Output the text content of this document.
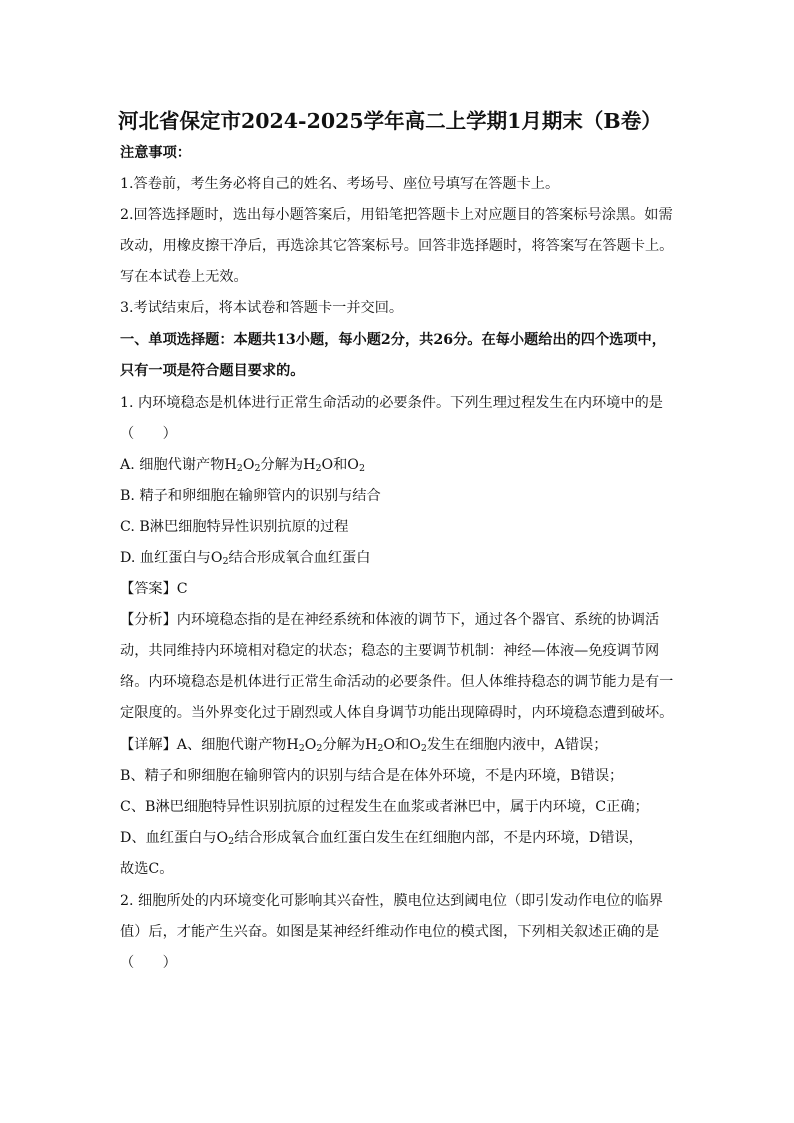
河北省保定市2024-2025学年高二上学期1月期末（B卷）
注意事项：
1.答卷前，考生务必将自己的姓名、考场号、座位号填写在答题卡上。
2.回答选择题时，选出每小题答案后，用铅笔把答题卡上对应题目的答案标号涂黑。如需
改动，用橡皮擦干净后，再选涂其它答案标号。回答非选择题时，将答案写在答题卡上。
写在本试卷上无效。
3.考试结束后，将本试卷和答题卡一并交回。
一、单项选择题：本题共13小题，每小题2分，共26分。在每小题给出的四个选项中，
只有一项是符合题目要求的。
1. 内环境稳态是机体进行正常生命活动的必要条件。下列生理过程发生在内环境中的是
（　　）
A. 细胞代谢产物$H_2O_2$分解为$H_2O$和$O_2$
B. 精子和卵细胞在输卵管内的识别与结合
C. B淋巴细胞特异性识别抗原的过程
D. 血红蛋白与$O_2$结合形成氧合血红蛋白
【答案】C
【分析】内环境稳态指的是在神经系统和体液的调节下，通过各个器官、系统的协调活
动，共同维持内环境相对稳定的状态；稳态的主要调节机制：神经—体液—免疫调节网
络。内环境稳态是机体进行正常生命活动的必要条件。但人体维持稳态的调节能力是有一
定限度的。当外界变化过于剧烈或人体自身调节功能出现障碍时，内环境稳态遭到破坏。
【详解】A、细胞代谢产物$H_2O_2$分解为$H_2O$和$O_2$发生在细胞内液中，A错误；
B、精子和卵细胞在输卵管内的识别与结合是在体外环境，不是内环境，B错误；
C、B淋巴细胞特异性识别抗原的过程发生在血浆或者淋巴中，属于内环境，C正确；
D、血红蛋白与$O_2$结合形成氧合血红蛋白发生在红细胞内部，不是内环境，D错误，
故选C。
2. 细胞所处的内环境变化可影响其兴奋性，膜电位达到阈电位（即引发动作电位的临界
值）后，才能产生兴奋。如图是某神经纤维动作电位的模式图，下列相关叙述正确的是
（　　）
